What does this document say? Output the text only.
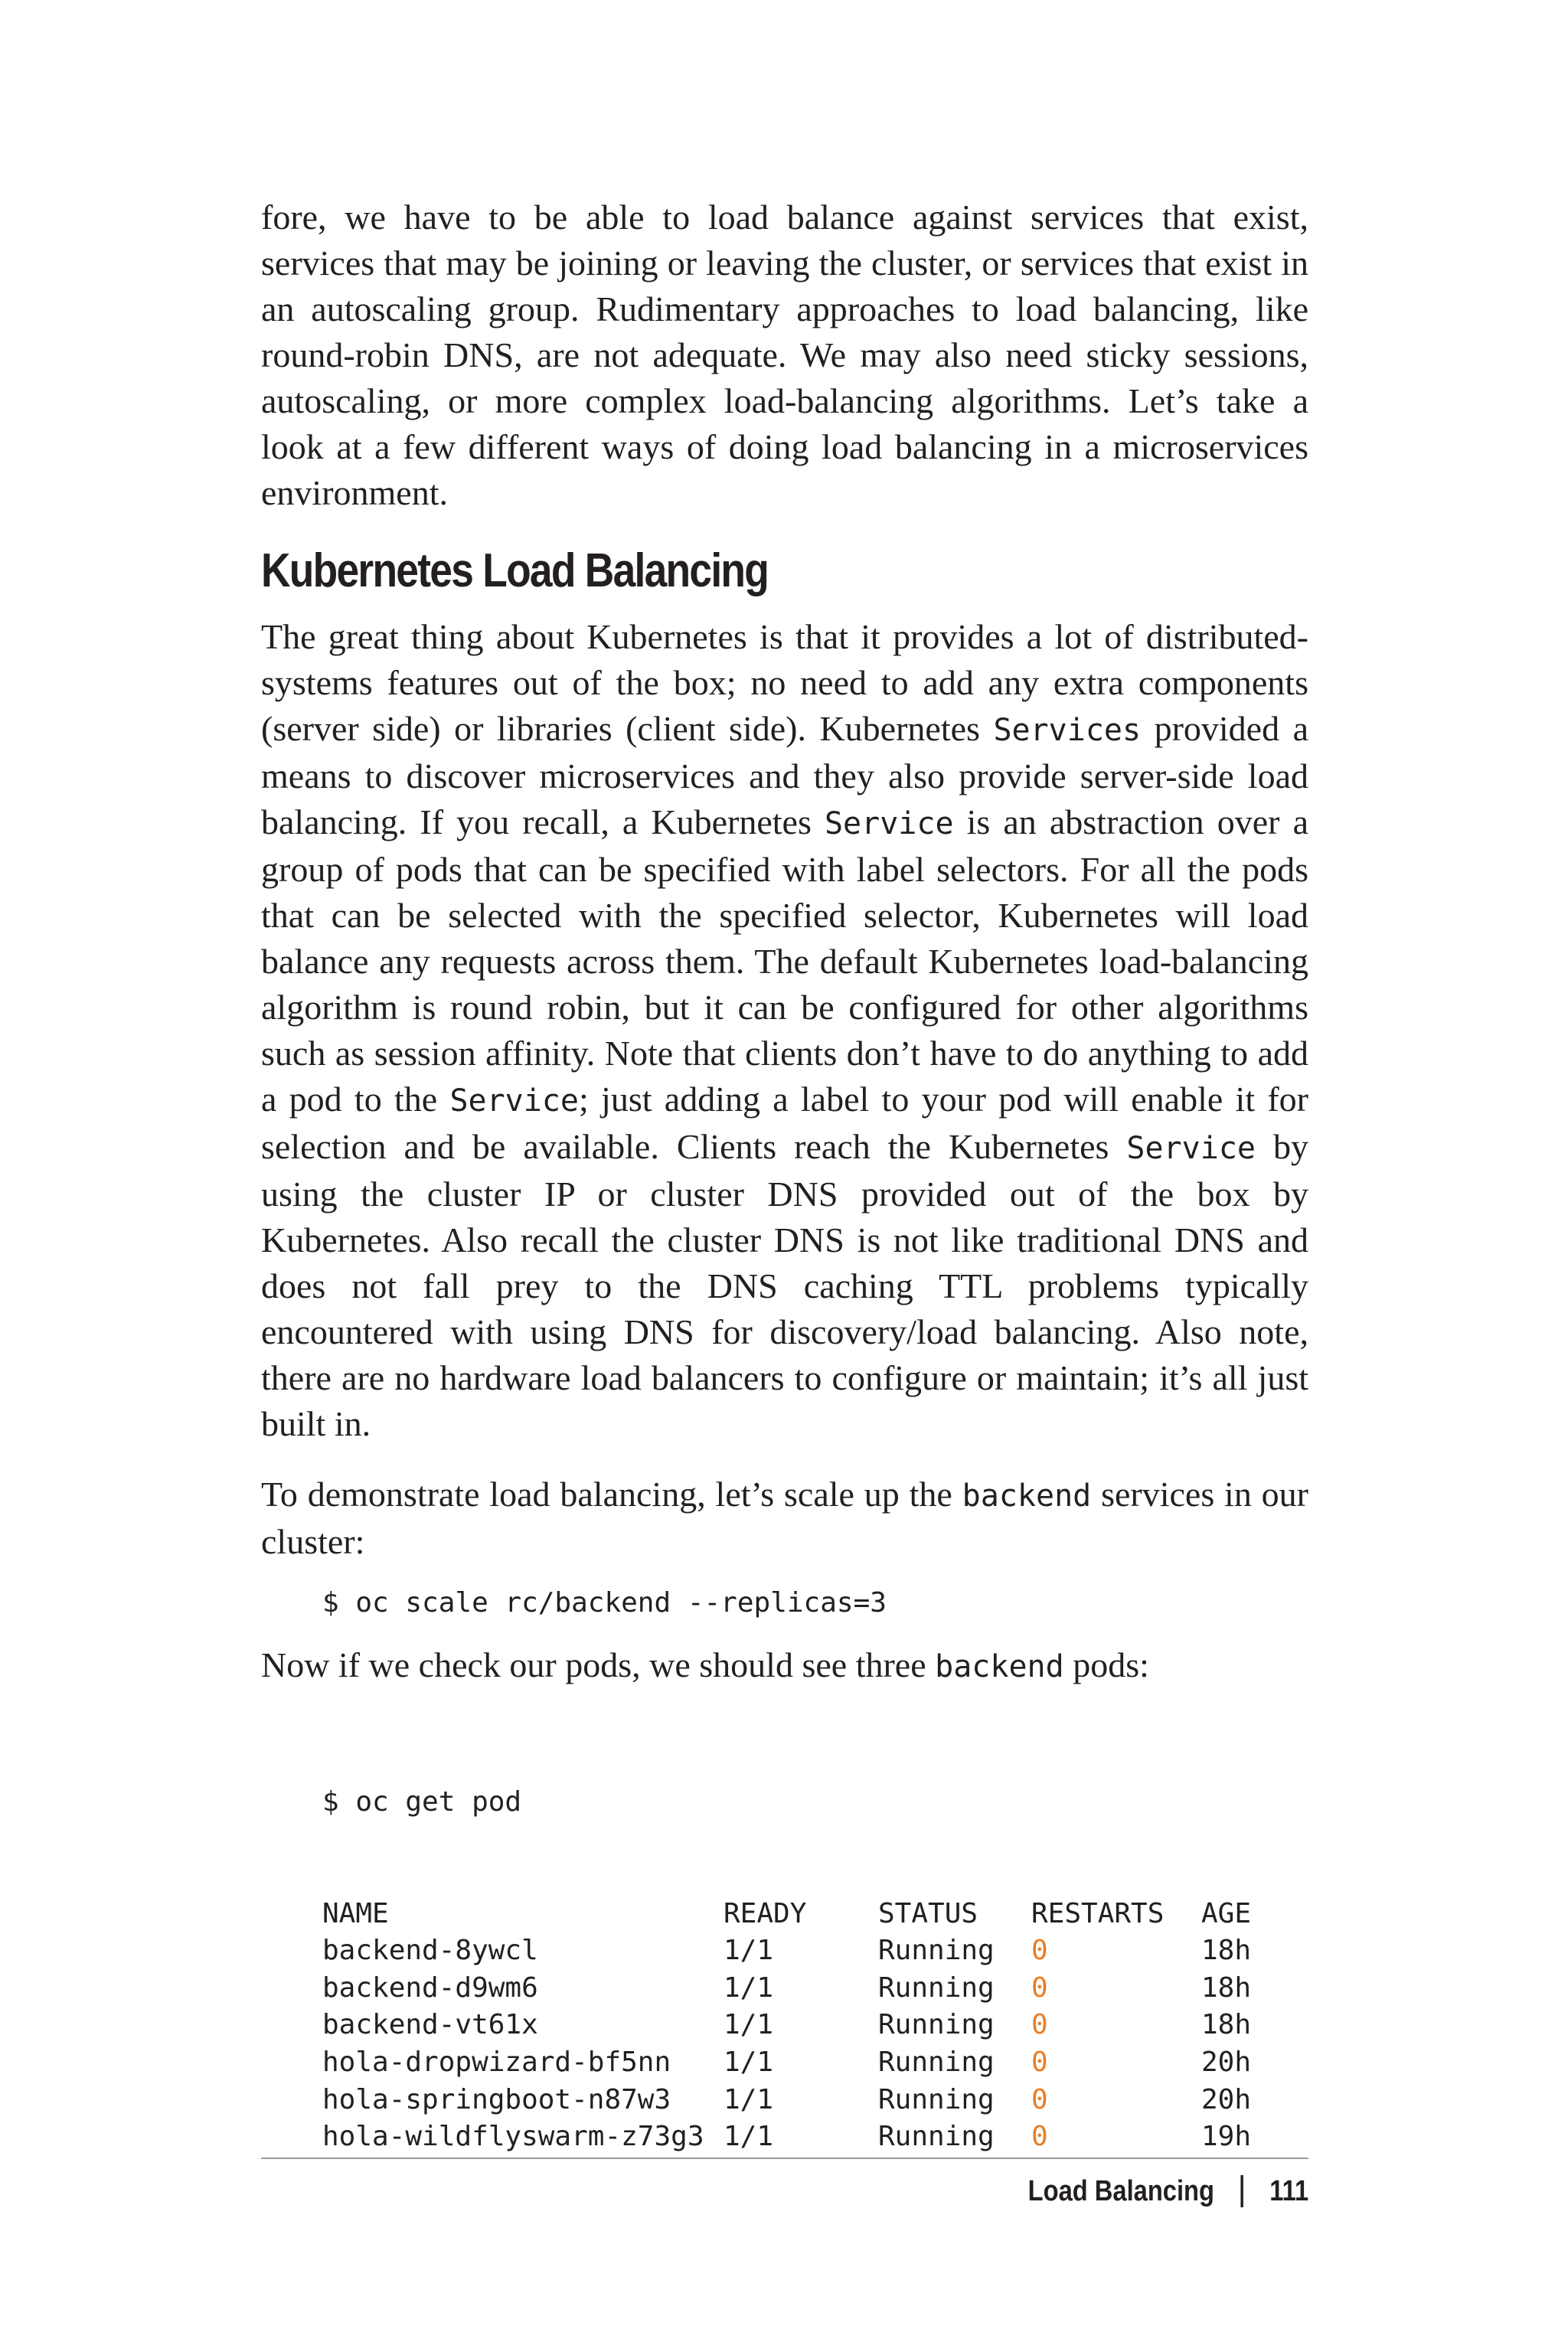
fore, we have to be able to load balance against services that exist, services that may be joining or leaving the cluster, or services that exist in an autoscaling group. Rudimentary approaches to load balancing, like round-robin DNS, are not adequate. We may also need sticky sessions, autoscaling, or more complex load-balancing algorithms. Let’s take a look at a few different ways of doing load balancing in a microservices environment.

Kubernetes Load Balancing

The great thing about Kubernetes is that it provides a lot of distributed-systems features out of the box; no need to add any extra components (server side) or libraries (client side). Kubernetes Services provided a means to discover microservices and they also provide server-side load balancing. If you recall, a Kubernetes Service is an abstraction over a group of pods that can be specified with label selectors. For all the pods that can be selected with the specified selector, Kubernetes will load balance any requests across them. The default Kubernetes load-balancing algorithm is round robin, but it can be configured for other algorithms such as session affinity. Note that clients don’t have to do anything to add a pod to the Service; just adding a label to your pod will enable it for selection and be available. Clients reach the Kubernetes Service by using the cluster IP or cluster DNS provided out of the box by Kubernetes. Also recall the cluster DNS is not like traditional DNS and does not fall prey to the DNS caching TTL problems typically encountered with using DNS for discovery/load balancing. Also note, there are no hardware load balancers to configure or maintain; it’s all just built in.

To demonstrate load balancing, let’s scale up the backend services in our cluster:

$ oc scale rc/backend --replicas=3

Now if we check our pods, we should see three backend pods:

$ oc get pod

NAME	READY	STATUS	RESTARTS	AGE
backend-8ywcl	1/1	Running	0	18h
backend-d9wm6	1/1	Running	0	18h
backend-vt61x	1/1	Running	0	18h
hola-dropwizard-bf5nn	1/1	Running	0	20h
hola-springboot-n87w3	1/1	Running	0	20h
hola-wildflyswarm-z73g3	1/1	Running	0	19h

Load Balancing 111
